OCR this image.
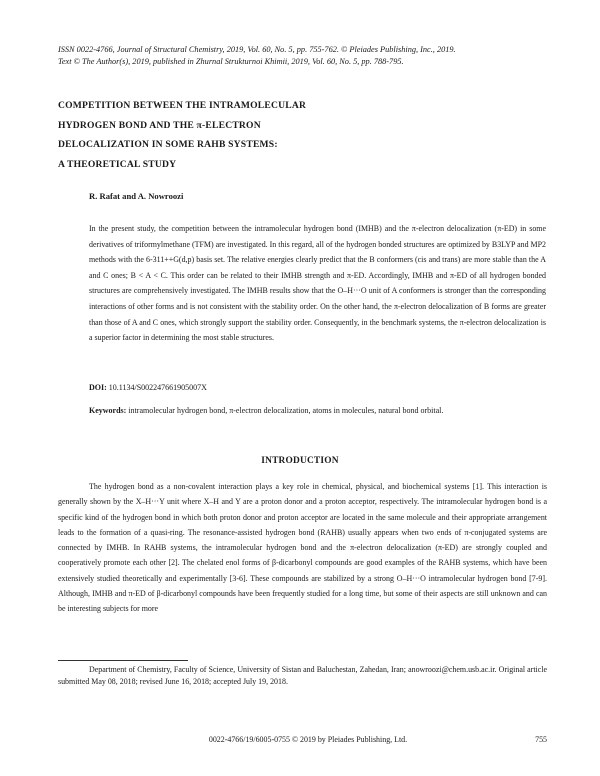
ISSN 0022-4766, Journal of Structural Chemistry, 2019, Vol. 60, No. 5, pp. 755-762. © Pleiades Publishing, Inc., 2019.
Text © The Author(s), 2019, published in Zhurnal Strukturnoi Khimii, 2019, Vol. 60, No. 5, pp. 788-795.
COMPETITION BETWEEN THE INTRAMOLECULAR
HYDROGEN BOND AND THE π-ELECTRON
DELOCALIZATION IN SOME RAHB SYSTEMS:
A THEORETICAL STUDY
R. Rafat and A. Nowroozi
In the present study, the competition between the intramolecular hydrogen bond (IMHB) and the π-electron delocalization (π-ED) in some derivatives of triformylmethane (TFM) are investigated. In this regard, all of the hydrogen bonded structures are optimized by B3LYP and MP2 methods with the 6-311++G(d,p) basis set. The relative energies clearly predict that the B conformers (cis and trans) are more stable than the A and C ones; B < A < C. This order can be related to their IMHB strength and π-ED. Accordingly, IMHB and π-ED of all hydrogen bonded structures are comprehensively investigated. The IMHB results show that the O–H···O unit of A conformers is stronger than the corresponding interactions of other forms and is not consistent with the stability order. On the other hand, the π-electron delocalization of B forms are greater than those of A and C ones, which strongly support the stability order. Consequently, in the benchmark systems, the π-electron delocalization is a superior factor in determining the most stable structures.
DOI: 10.1134/S002247661905007X
Keywords: intramolecular hydrogen bond, π-electron delocalization, atoms in molecules, natural bond orbital.
INTRODUCTION
The hydrogen bond as a non-covalent interaction plays a key role in chemical, physical, and biochemical systems [1]. This interaction is generally shown by the X–H···Y unit where X–H and Y are a proton donor and a proton acceptor, respectively. The intramolecular hydrogen bond is a specific kind of the hydrogen bond in which both proton donor and proton acceptor are located in the same molecule and their appropriate arrangement leads to the formation of a quasi-ring. The resonance-assisted hydrogen bond (RAHB) usually appears when two ends of π-conjugated systems are connected by IMHB. In RAHB systems, the intramolecular hydrogen bond and the π-electron delocalization (π-ED) are strongly coupled and cooperatively promote each other [2]. The chelated enol forms of β-dicarbonyl compounds are good examples of the RAHB systems, which have been extensively studied theoretically and experimentally [3-6]. These compounds are stabilized by a strong O–H···O intramolecular hydrogen bond [7-9]. Although, IMHB and π-ED of β-dicarbonyl compounds have been frequently studied for a long time, but some of their aspects are still unknown and can be interesting subjects for more
Department of Chemistry, Faculty of Science, University of Sistan and Baluchestan, Zahedan, Iran; anowroozi@chem.usb.ac.ir. Original article submitted May 08, 2018; revised June 16, 2018; accepted July 19, 2018.
0022-4766/19/6005-0755 © 2019 by Pleiades Publishing, Ltd.	755
